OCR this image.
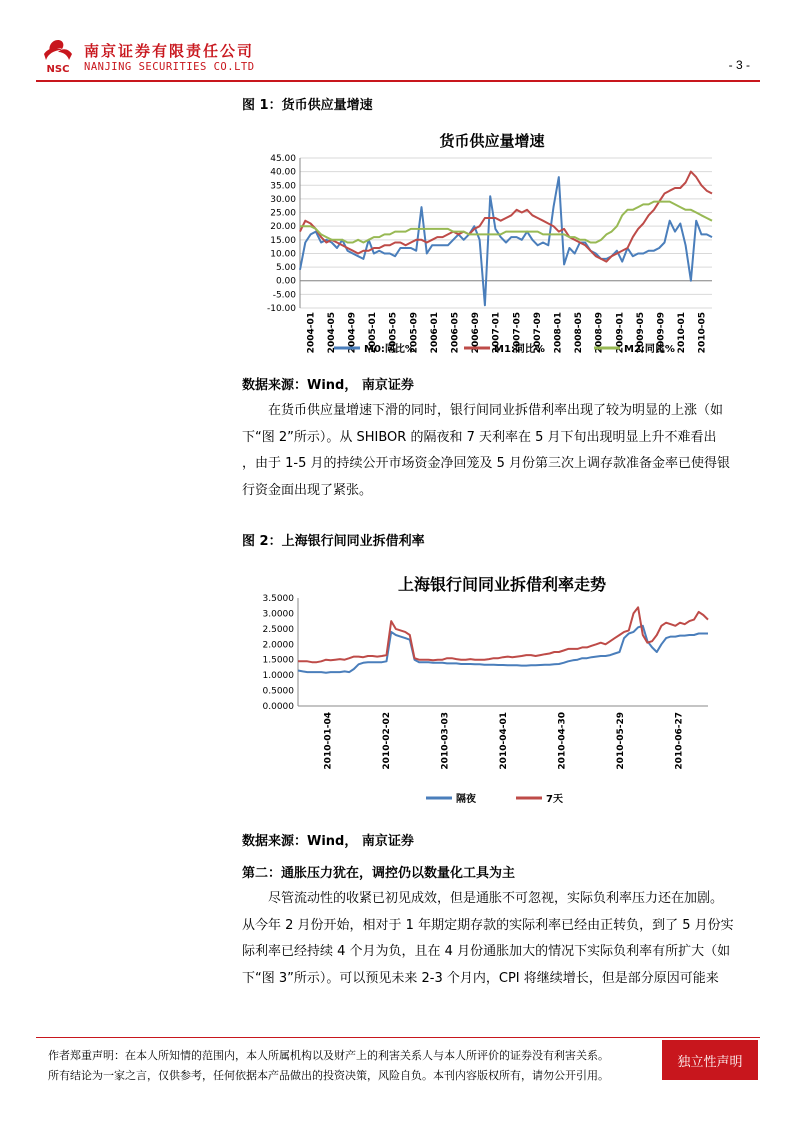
NSC
南京证券有限责任公司
NANJING SECURITIES CO.LTD	- 3 -
图 1：货币供应量增速
货币供应量增速
45.00
40.00
35.00
30.00
25.00
20.00
15.00
10.00
5.00
0.00
-5.00
-10.00
2004-01 2004-05 2004-09 2005-01 2005-05 2005-09 2006-01 2006-05 2006-09 2007-01 2007-05 2007-09 2008-01 2008-05 2008-09 2009-01 2009-05 2009-09 2010-01 2010-05
M0:同比%	M1:同比%	M2:同比%
数据来源：Wind， 南京证券
在货币供应量增速下滑的同时，银行间同业拆借利率出现了较为明显的上涨（如
下“图 2”所示）。从 SHIBOR 的隔夜和 7 天利率在 5 月下旬出现明显上升不难看出
，由于 1-5 月的持续公开市场资金净回笼及 5 月份第三次上调存款准备金率已使得银
行资金面出现了紧张。
图 2：上海银行间同业拆借利率
上海银行间同业拆借利率走势
3.5000
3.0000
2.5000
2.0000
1.5000
1.0000
0.5000
0.0000
2010-01-04	2010-02-02	2010-03-03	2010-04-01	2010-04-30	2010-05-29	2010-06-27
隔夜	7天
数据来源：Wind， 南京证券
第二：通胀压力犹在，调控仍以数量化工具为主
尽管流动性的收紧已初见成效，但是通胀不可忽视，实际负利率压力还在加剧。
从今年 2 月份开始，相对于 1 年期定期存款的实际利率已经由正转负，到了 5 月份实
际利率已经持续 4 个月为负，且在 4 月份通胀加大的情况下实际负利率有所扩大（如
下“图 3”所示）。可以预见未来 2-3 个月内，CPI 将继续增长，但是部分原因可能来
作者郑重声明：在本人所知情的范围内，本人所属机构以及财产上的利害关系人与本人所评价的证券没有利害关系。
所有结论为一家之言，仅供参考，任何依据本产品做出的投资决策，风险自负。本刊内容版权所有，请勿公开引用。
独立性声明
